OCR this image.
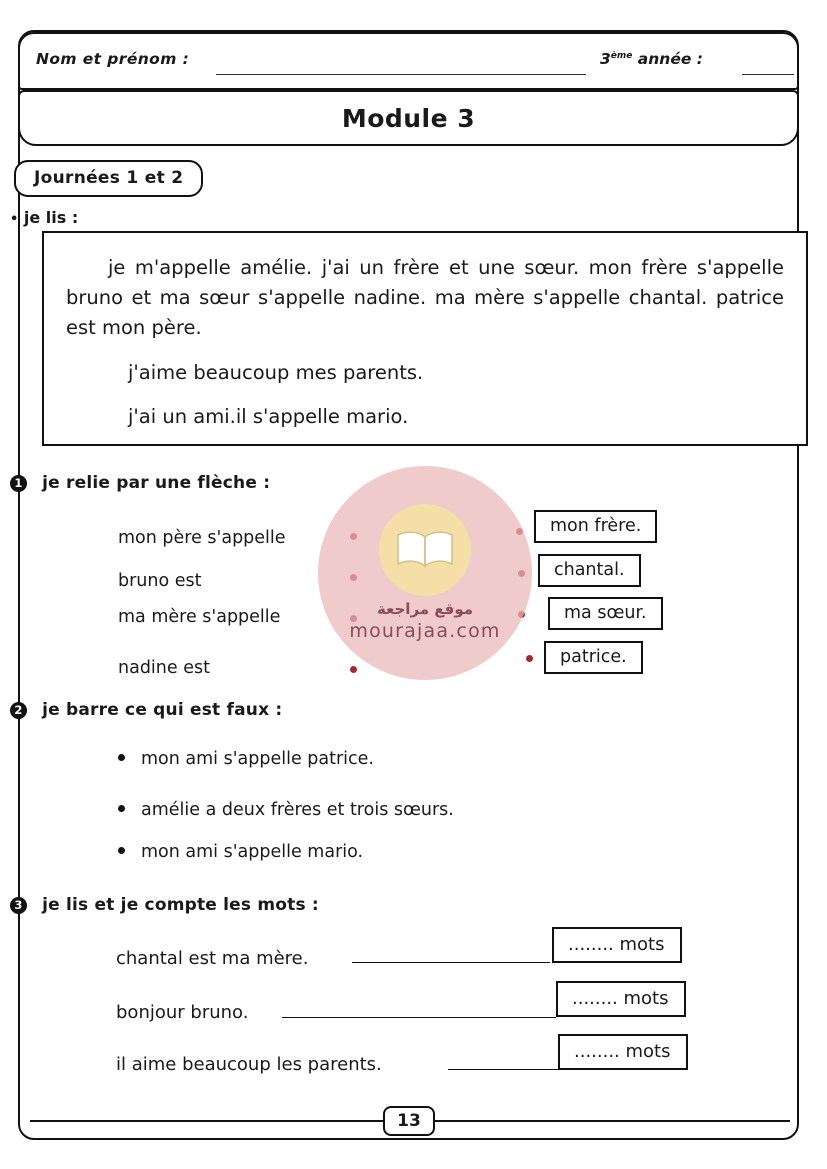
Nom et prénom :	3ème année :
Module 3
Journées 1 et 2
• je lis :

je m'appelle amélie. j'ai un frère et une sœur. mon frère s'appelle bruno et ma sœur s'appelle nadine. ma mère s'appelle chantal. patrice est mon père.

j'aime beaucoup mes parents.

j'ai un ami.il s'appelle mario.

1 je relie par une flèche :
mon père s'appelle
bruno est
ma mère s'appelle
nadine est
mon frère.
chantal.
ma sœur.
patrice.
2 je barre ce qui est faux :
mon ami s'appelle patrice.
amélie a deux frères et trois sœurs.
mon ami s'appelle mario.
3 je lis et je compte les mots :
chantal est ma mère.
........ mots
bonjour bruno.
........ mots
il aime beaucoup les parents.
........ mots
13
موقع مراجعة
mourajaa.com
